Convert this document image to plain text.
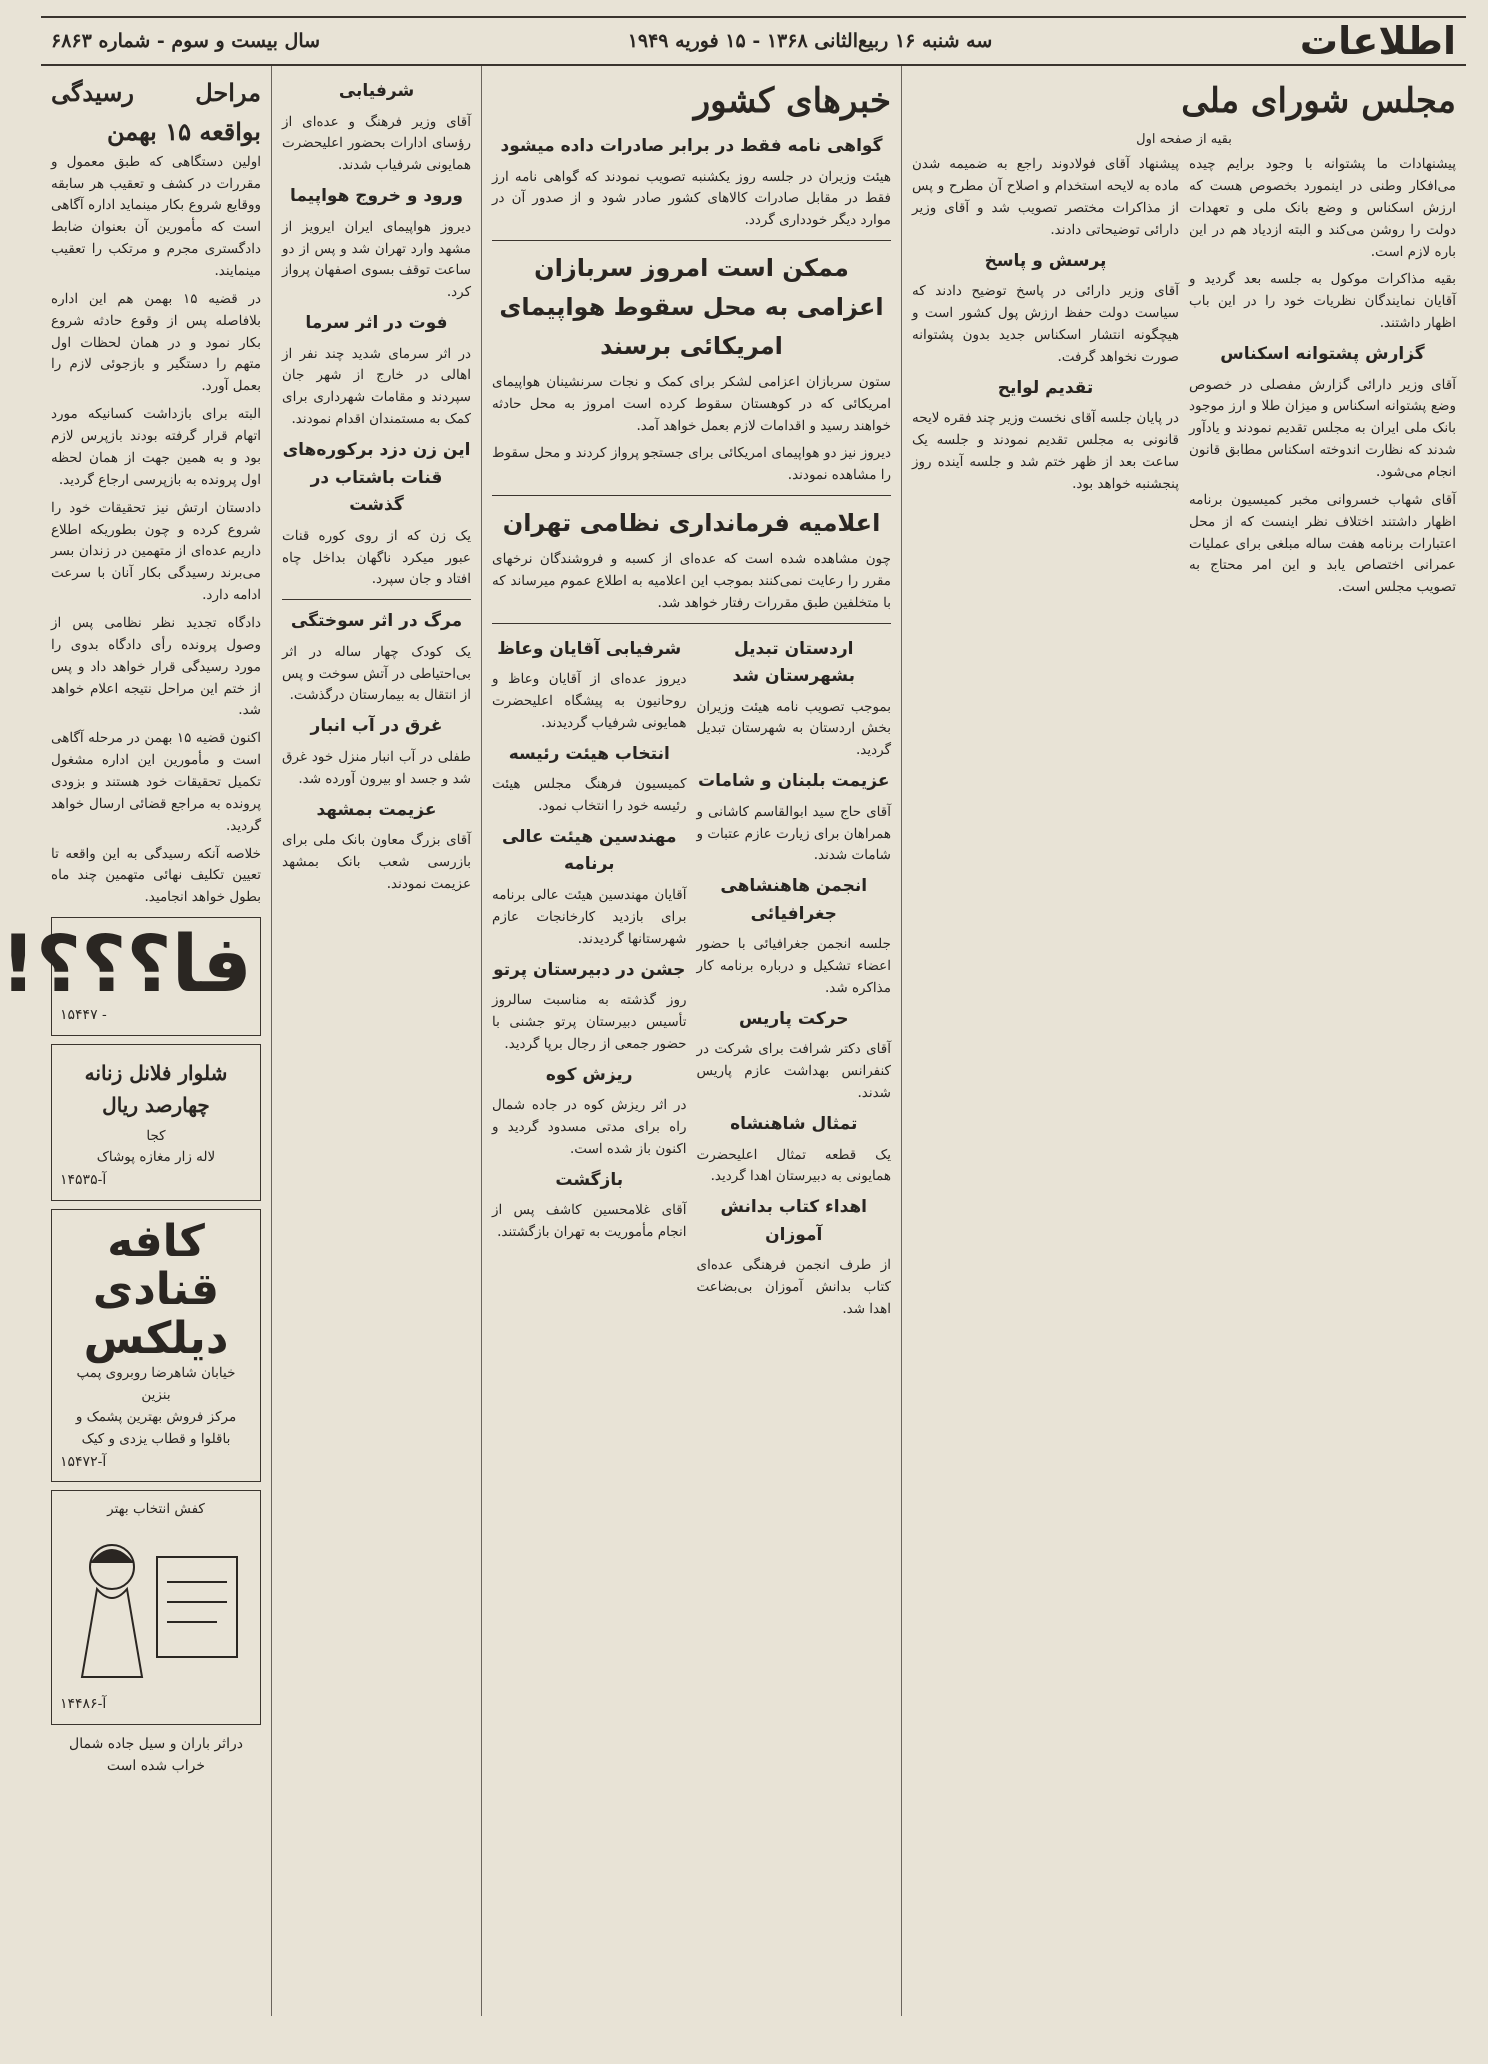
اطلاعات
سه شنبه ۱۶ ربیع‌الثانی ۱۳۶۸ - ۱۵ فوریه ۱۹۴۹
سال بیست و سوم - شماره ۶۸۶۳
مجلس شورای ملی
بقیه از صفحه اول

پیشنهادات ما پشتوانه با وجود برایم چیده می‌افکار وطنی در اینمورد بخصوص هست که ارزش اسکناس و وضع بانک ملی و تعهدات دولت را روشن می‌کند و البته ازدیاد هم در این باره لازم است.

بقیه مذاکرات موکول به جلسه بعد گردید و آقایان نمایندگان نظریات خود را در این باب اظهار داشتند.

گزارش پشتوانه اسکناس

آقای وزیر دارائی گزارش مفصلی در خصوص وضع پشتوانه اسکناس و میزان طلا و ارز موجود بانک ملی ایران به مجلس تقدیم نمودند و یادآور شدند که نظارت اندوخته اسکناس مطابق قانون انجام می‌شود.

آقای شهاب خسروانی مخبر کمیسیون برنامه اظهار داشتند اختلاف نظر اینست که از محل اعتبارات برنامه هفت ساله مبلغی برای عملیات عمرانی اختصاص یابد و این امر محتاج به تصویب مجلس است.

پیشنهاد آقای فولادوند راجع به ضمیمه شدن ماده به لایحه استخدام و اصلاح آن مطرح و پس از مذاکرات مختصر تصویب شد و آقای وزیر دارائی توضیحاتی دادند.

پرسش و پاسخ

آقای وزیر دارائی در پاسخ توضیح دادند که سیاست دولت حفظ ارزش پول کشور است و هیچگونه انتشار اسکناس جدید بدون پشتوانه صورت نخواهد گرفت.

تقدیم لوایح

در پایان جلسه آقای نخست وزیر چند فقره لایحه قانونی به مجلس تقدیم نمودند و جلسه یک ساعت بعد از ظهر ختم شد و جلسه آینده روز پنجشنبه خواهد بود.

خبرهای کشور
گواهی نامه فقط در برابر صادرات داده میشود

هیئت وزیران در جلسه روز یکشنبه تصویب نمودند که گواهی نامه ارز فقط در مقابل صادرات کالاهای کشور صادر شود و از صدور آن در موارد دیگر خودداری گردد.

ممکن است امروز سربازان اعزامی به محل سقوط هواپیمای امریکائی برسند

ستون سربازان اعزامی لشکر برای کمک و نجات سرنشینان هواپیمای امریکائی که در کوهستان سقوط کرده است امروز به محل حادثه خواهند رسید و اقدامات لازم بعمل خواهد آمد.

دیروز نیز دو هواپیمای امریکائی برای جستجو پرواز کردند و محل سقوط را مشاهده نمودند.

اعلامیه فرمانداری نظامی تهران

چون مشاهده شده است که عده‌ای از کسبه و فروشندگان نرخهای مقرر را رعایت نمی‌کنند بموجب این اعلامیه به اطلاع عموم میرساند که با متخلفین طبق مقررات رفتار خواهد شد.

اردستان تبدیل بشهرستان شد

بموجب تصویب نامه هیئت وزیران بخش اردستان به شهرستان تبدیل گردید.

عزیمت بلبنان و شامات

آقای حاج سید ابوالقاسم کاشانی و همراهان برای زیارت عازم عتبات و شامات شدند.

انجمن هاهنشاهی جغرافیائی

جلسه انجمن جغرافیائی با حضور اعضاء تشکیل و درباره برنامه کار مذاکره شد.

حرکت پاریس

آقای دکتر شرافت برای شرکت در کنفرانس بهداشت عازم پاریس شدند.

تمثال شاهنشاه

یک قطعه تمثال اعلیحضرت همایونی به دبیرستان اهدا گردید.

اهداء کتاب بدانش آموزان

از طرف انجمن فرهنگی عده‌ای کتاب بدانش آموزان بی‌بضاعت اهدا شد.

شرفیابی آقایان وعاظ

دیروز عده‌ای از آقایان وعاظ و روحانیون به پیشگاه اعلیحضرت همایونی شرفیاب گردیدند.

انتخاب هیئت رئیسه

کمیسیون فرهنگ مجلس هیئت رئیسه خود را انتخاب نمود.

مهندسین هیئت عالی برنامه

آقایان مهندسین هیئت عالی برنامه برای بازدید کارخانجات عازم شهرستانها گردیدند.

جشن در دبیرستان پرتو

روز گذشته به مناسبت سالروز تأسیس دبیرستان پرتو جشنی با حضور جمعی از رجال برپا گردید.

ریزش کوه

در اثر ریزش کوه در جاده شمال راه برای مدتی مسدود گردید و اکنون باز شده است.

بازگشت

آقای غلامحسین کاشف پس از انجام مأموریت به تهران بازگشتند.

شرفیابی

آقای وزیر فرهنگ و عده‌ای از رؤسای ادارات بحضور اعلیحضرت همایونی شرفیاب شدند.

ورود و خروج هواپیما

دیروز هواپیمای ایران ایرویز از مشهد وارد تهران شد و پس از دو ساعت توقف بسوی اصفهان پرواز کرد.

فوت در اثر سرما

در اثر سرمای شدید چند نفر از اهالی در خارج از شهر جان سپردند و مقامات شهرداری برای کمک به مستمندان اقدام نمودند.

این زن دزد برکوره‌های قنات باشتاب در گذشت

یک زن که از روی کوره قنات عبور میکرد ناگهان بداخل چاه افتاد و جان سپرد.

مرگ در اثر سوختگی

یک کودک چهار ساله در اثر بی‌احتیاطی در آتش سوخت و پس از انتقال به بیمارستان درگذشت.

غرق در آب انبار

طفلی در آب انبار منزل خود غرق شد و جسد او بیرون آورده شد.

عزیمت بمشهد

آقای بزرگ معاون بانک ملی برای بازرسی شعب بانک بمشهد عزیمت نمودند.

مراحل رسیدگی بواقعه ۱۵ بهمن

اولین دستگاهی که طبق معمول و مقررات در کشف و تعقیب هر سابقه ووقایع شروع بکار مینماید اداره آگاهی است که مأمورین آن بعنوان ضابط دادگستری مجرم و مرتکب را تعقیب مینمایند.

در قضیه ۱۵ بهمن هم این اداره بلافاصله پس از وقوع حادثه شروع بکار نمود و در همان لحظات اول متهم را دستگیر و بازجوئی لازم را بعمل آورد.

البته برای بازداشت کسانیکه مورد اتهام قرار گرفته بودند بازپرس لازم بود و به همین جهت از همان لحظه اول پرونده به بازپرسی ارجاع گردید.

دادستان ارتش نیز تحقیقات خود را شروع کرده و چون بطوریکه اطلاع داریم عده‌ای از متهمین در زندان بسر می‌برند رسیدگی بکار آنان با سرعت ادامه دارد.

دادگاه تجدید نظر نظامی پس از وصول پرونده رأی دادگاه بدوی را مورد رسیدگی قرار خواهد داد و پس از ختم این مراحل نتیجه اعلام خواهد شد.

اکنون قضیه ۱۵ بهمن در مرحله آگاهی است و مأمورین این اداره مشغول تکمیل تحقیقات خود هستند و بزودی پرونده به مراجع قضائی ارسال خواهد گردید.

خلاصه آنکه رسیدگی به این واقعه تا تعیین تکلیف نهائی متهمین چند ماه بطول خواهد انجامید.

فا؟؟؟!
۱۵۴۴۷ -
شلوار فلانل زنانه چهارصد ریال
کجا
لاله زار مغازه پوشاک
آ-۱۴۵۳۵
کافه قنادی دیلکس
خیابان شاهرضا روبروی پمپ بنزین
مرکز فروش بهترین پشمک و باقلوا و قطاب یزدی و کیک
آ-۱۵۴۷۲
کفش انتخاب بهتر
آ-۱۴۴۸۶
دراثر باران و سیل جاده شمال خراب شده است
